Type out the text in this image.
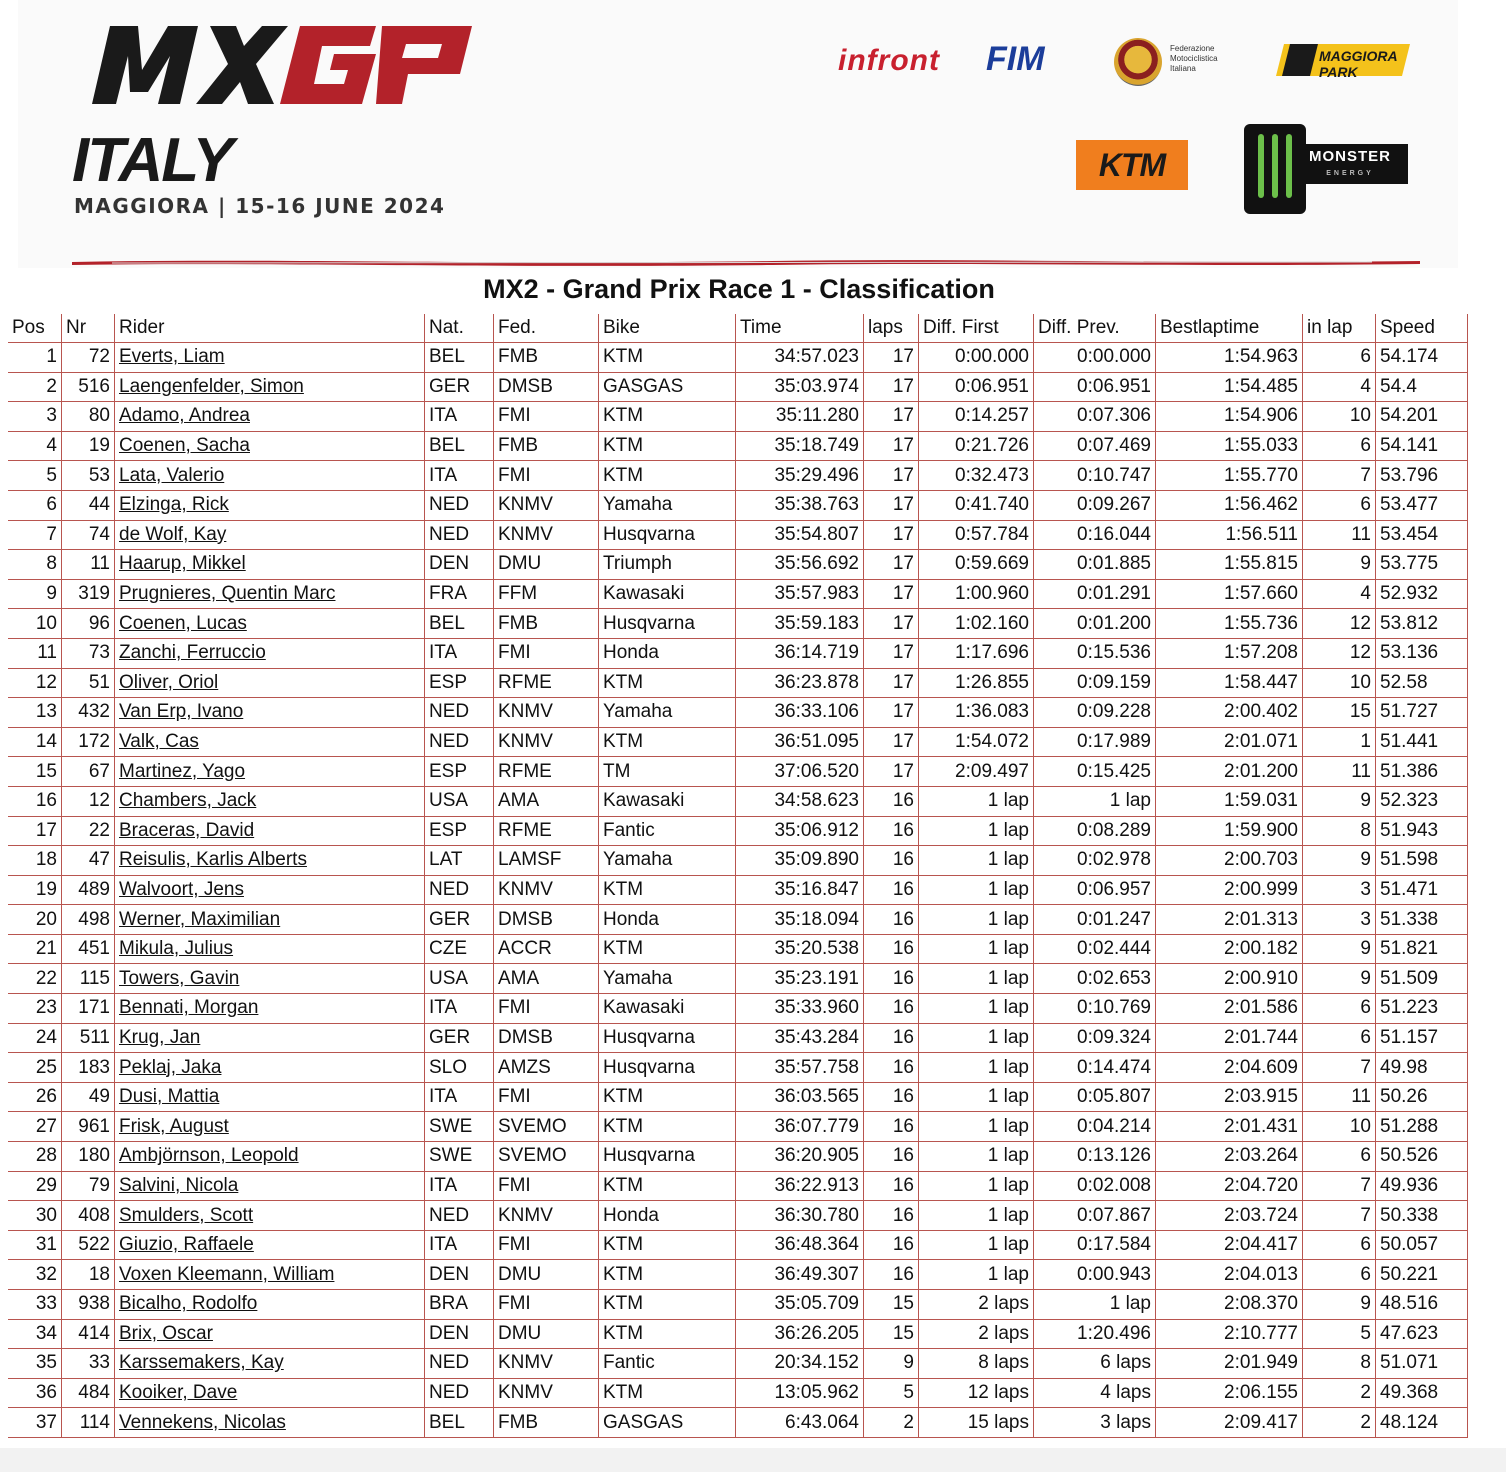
ITALY
MAGGIORA | 15-16 JUNE 2024
infront FIM	Federazione
Motociclistica
Italiana
MAGGIORA PARK
KTM	MONSTER
ENERGY
MX2 - Grand Prix Race 1 - Classification
Pos	Nr	Rider	Nat.	Fed.	Bike	Time	laps	Diff. First	Diff. Prev.	Bestlaptime	in lap	Speed
1	72	Everts, Liam	BEL	FMB	KTM	34:57.023	17	0:00.000	0:00.000	1:54.963	6	54.174
2	516	Laengenfelder, Simon	GER	DMSB	GASGAS	35:03.974	17	0:06.951	0:06.951	1:54.485	4	54.4
3	80	Adamo, Andrea	ITA	FMI	KTM	35:11.280	17	0:14.257	0:07.306	1:54.906	10	54.201
4	19	Coenen, Sacha	BEL	FMB	KTM	35:18.749	17	0:21.726	0:07.469	1:55.033	6	54.141
5	53	Lata, Valerio	ITA	FMI	KTM	35:29.496	17	0:32.473	0:10.747	1:55.770	7	53.796
6	44	Elzinga, Rick	NED	KNMV	Yamaha	35:38.763	17	0:41.740	0:09.267	1:56.462	6	53.477
7	74	de Wolf, Kay	NED	KNMV	Husqvarna	35:54.807	17	0:57.784	0:16.044	1:56.511	11	53.454
8	11	Haarup, Mikkel	DEN	DMU	Triumph	35:56.692	17	0:59.669	0:01.885	1:55.815	9	53.775
9	319	Prugnieres, Quentin Marc	FRA	FFM	Kawasaki	35:57.983	17	1:00.960	0:01.291	1:57.660	4	52.932
10	96	Coenen, Lucas	BEL	FMB	Husqvarna	35:59.183	17	1:02.160	0:01.200	1:55.736	12	53.812
11	73	Zanchi, Ferruccio	ITA	FMI	Honda	36:14.719	17	1:17.696	0:15.536	1:57.208	12	53.136
12	51	Oliver, Oriol	ESP	RFME	KTM	36:23.878	17	1:26.855	0:09.159	1:58.447	10	52.58
13	432	Van Erp, Ivano	NED	KNMV	Yamaha	36:33.106	17	1:36.083	0:09.228	2:00.402	15	51.727
14	172	Valk, Cas	NED	KNMV	KTM	36:51.095	17	1:54.072	0:17.989	2:01.071	1	51.441
15	67	Martinez, Yago	ESP	RFME	TM	37:06.520	17	2:09.497	0:15.425	2:01.200	11	51.386
16	12	Chambers, Jack	USA	AMA	Kawasaki	34:58.623	16	1 lap	1 lap	1:59.031	9	52.323
17	22	Braceras, David	ESP	RFME	Fantic	35:06.912	16	1 lap	0:08.289	1:59.900	8	51.943
18	47	Reisulis, Karlis Alberts	LAT	LAMSF	Yamaha	35:09.890	16	1 lap	0:02.978	2:00.703	9	51.598
19	489	Walvoort, Jens	NED	KNMV	KTM	35:16.847	16	1 lap	0:06.957	2:00.999	3	51.471
20	498	Werner, Maximilian	GER	DMSB	Honda	35:18.094	16	1 lap	0:01.247	2:01.313	3	51.338
21	451	Mikula, Julius	CZE	ACCR	KTM	35:20.538	16	1 lap	0:02.444	2:00.182	9	51.821
22	115	Towers, Gavin	USA	AMA	Yamaha	35:23.191	16	1 lap	0:02.653	2:00.910	9	51.509
23	171	Bennati, Morgan	ITA	FMI	Kawasaki	35:33.960	16	1 lap	0:10.769	2:01.586	6	51.223
24	511	Krug, Jan	GER	DMSB	Husqvarna	35:43.284	16	1 lap	0:09.324	2:01.744	6	51.157
25	183	Peklaj, Jaka	SLO	AMZS	Husqvarna	35:57.758	16	1 lap	0:14.474	2:04.609	7	49.98
26	49	Dusi, Mattia	ITA	FMI	KTM	36:03.565	16	1 lap	0:05.807	2:03.915	11	50.26
27	961	Frisk, August	SWE	SVEMO	KTM	36:07.779	16	1 lap	0:04.214	2:01.431	10	51.288
28	180	Ambjörnson, Leopold	SWE	SVEMO	Husqvarna	36:20.905	16	1 lap	0:13.126	2:03.264	6	50.526
29	79	Salvini, Nicola	ITA	FMI	KTM	36:22.913	16	1 lap	0:02.008	2:04.720	7	49.936
30	408	Smulders, Scott	NED	KNMV	Honda	36:30.780	16	1 lap	0:07.867	2:03.724	7	50.338
31	522	Giuzio, Raffaele	ITA	FMI	KTM	36:48.364	16	1 lap	0:17.584	2:04.417	6	50.057
32	18	Voxen Kleemann, William	DEN	DMU	KTM	36:49.307	16	1 lap	0:00.943	2:04.013	6	50.221
33	938	Bicalho, Rodolfo	BRA	FMI	KTM	35:05.709	15	2 laps	1 lap	2:08.370	9	48.516
34	414	Brix, Oscar	DEN	DMU	KTM	36:26.205	15	2 laps	1:20.496	2:10.777	5	47.623
35	33	Karssemakers, Kay	NED	KNMV	Fantic	20:34.152	9	8 laps	6 laps	2:01.949	8	51.071
36	484	Kooiker, Dave	NED	KNMV	KTM	13:05.962	5	12 laps	4 laps	2:06.155	2	49.368
37	114	Vennekens, Nicolas	BEL	FMB	GASGAS	6:43.064	2	15 laps	3 laps	2:09.417	2	48.124
